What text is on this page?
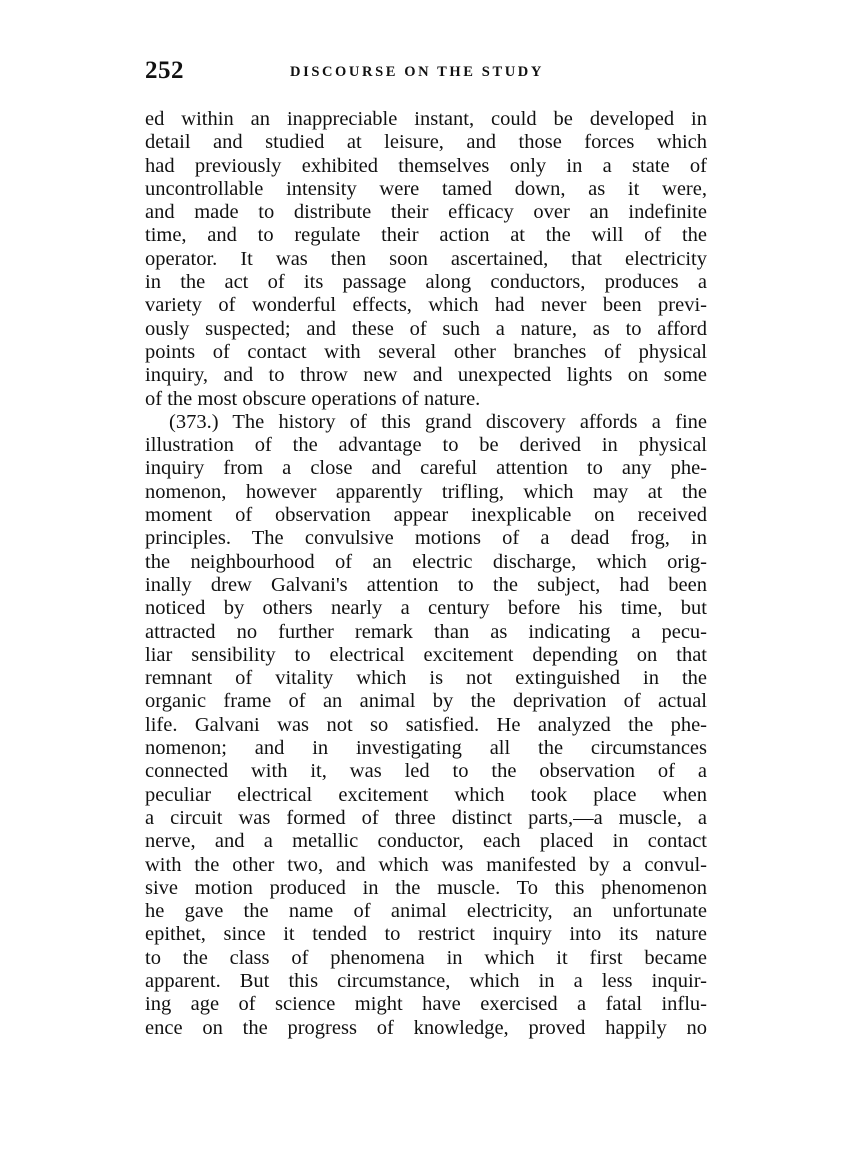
252	DISCOURSE ON THE STUDY
ed within an inappreciable instant, could be developed in
detail and studied at leisure, and those forces which
had previously exhibited themselves only in a state of
uncontrollable intensity were tamed down, as it were,
and made to distribute their efficacy over an indefinite
time, and to regulate their action at the will of the
operator. It was then soon ascertained, that electricity
in the act of its passage along conductors, produces a
variety of wonderful effects, which had never been previ-
ously suspected; and these of such a nature, as to afford
points of contact with several other branches of physical
inquiry, and to throw new and unexpected lights on some
of the most obscure operations of nature.
(373.) The history of this grand discovery affords a fine
illustration of the advantage to be derived in physical
inquiry from a close and careful attention to any phe-
nomenon, however apparently trifling, which may at the
moment of observation appear inexplicable on received
principles. The convulsive motions of a dead frog, in
the neighbourhood of an electric discharge, which orig-
inally drew Galvani's attention to the subject, had been
noticed by others nearly a century before his time, but
attracted no further remark than as indicating a pecu-
liar sensibility to electrical excitement depending on that
remnant of vitality which is not extinguished in the
organic frame of an animal by the deprivation of actual
life. Galvani was not so satisfied. He analyzed the phe-
nomenon; and in investigating all the circumstances
connected with it, was led to the observation of a
peculiar electrical excitement which took place when
a circuit was formed of three distinct parts,—a muscle, a
nerve, and a metallic conductor, each placed in contact
with the other two, and which was manifested by a convul-
sive motion produced in the muscle. To this phenomenon
he gave the name of animal electricity, an unfortunate
epithet, since it tended to restrict inquiry into its nature
to the class of phenomena in which it first became
apparent. But this circumstance, which in a less inquir-
ing age of science might have exercised a fatal influ-
ence on the progress of knowledge, proved happily no
